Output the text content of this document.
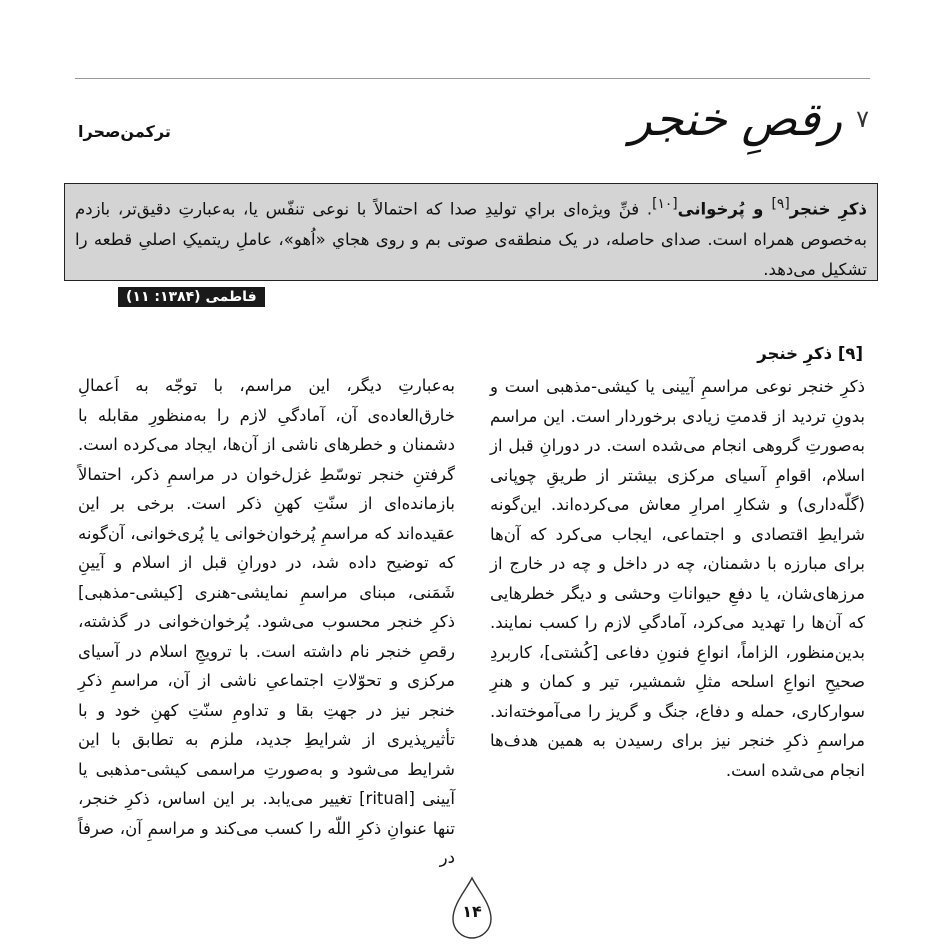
۷
رقصِ خنجر
ترکمن‌صحرا
ذکرِ خنجر[۹] و پُرخوانی[۱۰]. فنِّ ویژه‌ای براي تولیدِ صدا که احتمالاً با نوعی تنفّس یا، به‌عبارتِ دقیق‌تر، بازدم به‌خصوص همراه است. صدای حاصله، در یک منطقه‌ی صوتی بم و روی هجاي «اُهو»، عاملِ ریتمیکِ اصلیِ قطعه را تشکیل می‌دهد.
فاطمی (۱۳۸۴: ۱۱)
[۹] ذکرِ خنجر
ذکرِ خنجر نوعی مراسمِ آیینی یا کیشی-مذهبی است و بدونِ تردید از قدمتِ زیادی برخوردار است. این مراسم به‌صورتِ گروهی انجام می‌شده است. در دورانِ قبل از اسلام، اقوامِ آسیای مرکزی بیشتر از طریقِ چوپانی (گلّه‌داری) و شکارِ امرارِ معاش می‌کرده‌اند. این‌گونه شرایطِ اقتصادی و اجتماعی، ایجاب می‌کرد که آن‌ها برای مبارزه با دشمنان، چه در داخل و چه در خارج از مرزهای‌شان، یا دفعِ حیواناتِ وحشی و دیگر خطرهایی که آن‌ها را تهدید می‌کرد، آمادگیِ لازم را کسب نمایند. بدین‌منظور، الزاماً، انواعِ فنونِ دفاعی [کُشتی]، کاربردِ صحیحِ انواعِ اسلحه مثلِ شمشیر، تیر و کمان و هنرِ سوارکاری، حمله و دفاع، جنگ و گریز را می‌آموخته‌اند. مراسمِ ذکرِ خنجر نیز برای رسیدن به همین هدف‌ها انجام می‌شده است.
به‌عبارتِ دیگر، این مراسم، با توجّه به اَعمالِ خارق‌العاده‌ی آن، آمادگیِ لازم را به‌منظورِ مقابله با دشمنان و خطرهای ناشی از آن‌ها، ایجاد می‌کرده است. گرفتنِ خنجر توسّطِ غزل‌خوان در مراسمِ ذکر، احتمالاً بازمانده‌ای از سنّتِ کهنِ ذکر است. برخی بر این عقیده‌اند که مراسمِ پُرخوان‌خوانی یا پُری‌خوانی، آن‌گونه که توضیح داده شد، در دورانِ قبل از اسلام و آیینِ شَمَنی، مبنای مراسمِ نمایشی-هنری [کیشی-مذهبی] ذکرِ خنجر محسوب می‌شود. پُرخوان‌خوانی در گذشته، رقصِ خنجر نام داشته است. با ترویجِ اسلام در آسیای مرکزی و تحوّلاتِ اجتماعیِ ناشی از آن، مراسمِ ذکرِ خنجر نیز در جهتِ بقا و تداومِ سنّتِ کهنِ خود و با تأثیرپذیری از شرایطِ جدید، ملزم به تطابق با این شرایط می‌شود و به‌صورتِ مراسمی کیشی-مذهبی یا آیینی [ritual] تغییر می‌یابد. بر این اساس، ذکرِ خنجر، تنها عنوانِ ذکرِ اللّه را کسب می‌کند و مراسمِ آن، صرفاً در
۱۴
